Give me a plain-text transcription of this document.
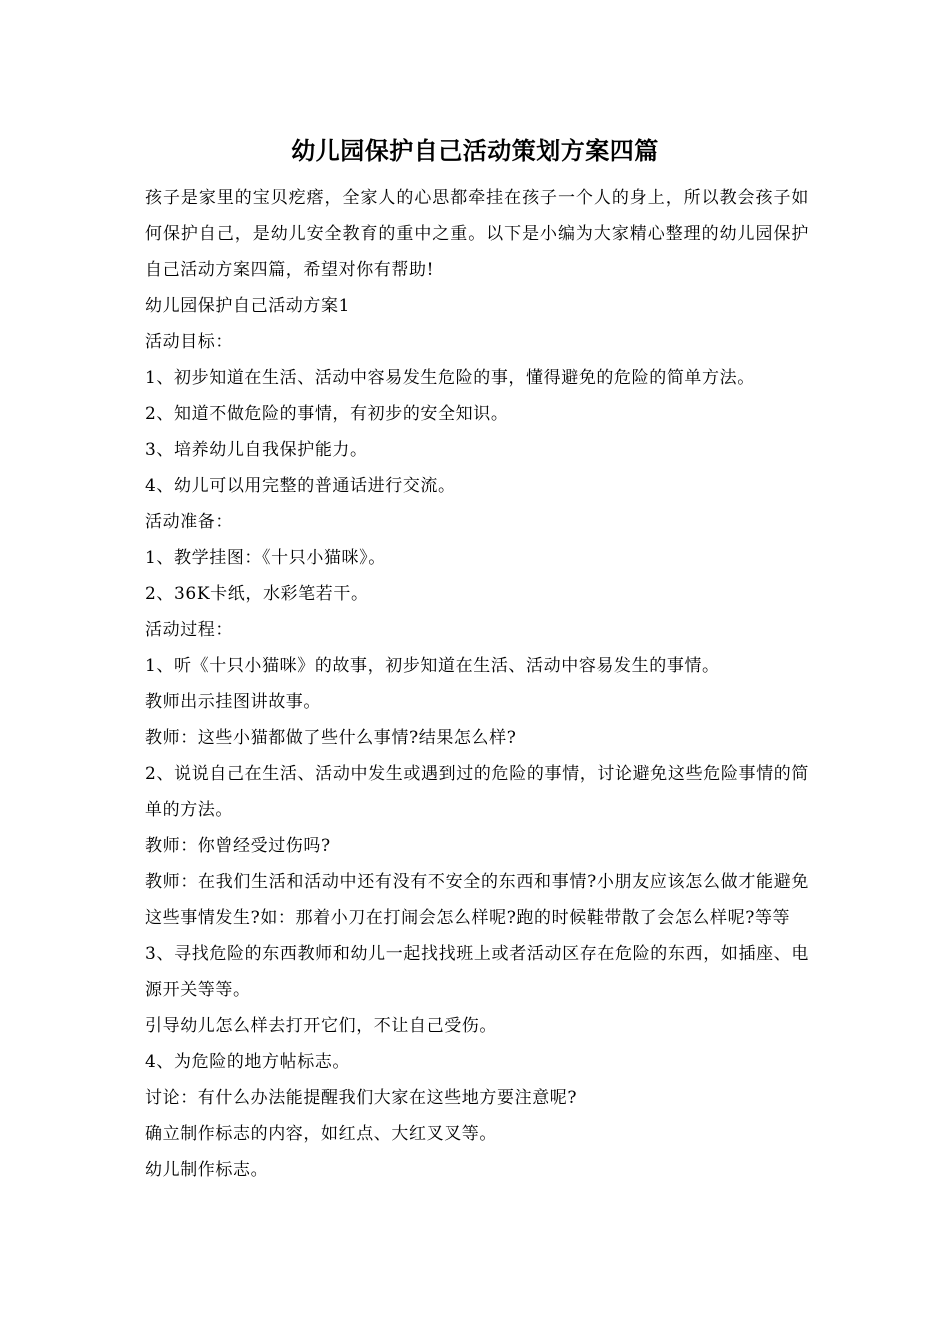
幼儿园保护自己活动策划方案四篇

孩子是家里的宝贝疙瘩，全家人的心思都牵挂在孩子一个人的身上，所以教会孩子如何保护自己，是幼儿安全教育的重中之重。以下是小编为大家精心整理的幼儿园保护自己活动方案四篇，希望对你有帮助!

幼儿园保护自己活动方案1

活动目标：

1、初步知道在生活、活动中容易发生危险的事，懂得避免的危险的简单方法。

2、知道不做危险的事情，有初步的安全知识。

3、培养幼儿自我保护能力。

4、幼儿可以用完整的普通话进行交流。

活动准备：

1、教学挂图：《十只小猫咪》。

2、36K卡纸，水彩笔若干。

活动过程：

1、听《十只小猫咪》的故事，初步知道在生活、活动中容易发生的事情。

教师出示挂图讲故事。

教师：这些小猫都做了些什么事情?结果怎么样?

2、说说自己在生活、活动中发生或遇到过的危险的事情，讨论避免这些危险事情的简单的方法。

教师：你曾经受过伤吗?

教师：在我们生活和活动中还有没有不安全的东西和事情?小朋友应该怎么做才能避免这些事情发生?如：那着小刀在打闹会怎么样呢?跑的时候鞋带散了会怎么样呢?等等

3、寻找危险的东西教师和幼儿一起找找班上或者活动区存在危险的东西，如插座、电源开关等等。

引导幼儿怎么样去打开它们，不让自己受伤。

4、为危险的地方帖标志。

讨论：有什么办法能提醒我们大家在这些地方要注意呢?

确立制作标志的内容，如红点、大红叉叉等。

幼儿制作标志。
